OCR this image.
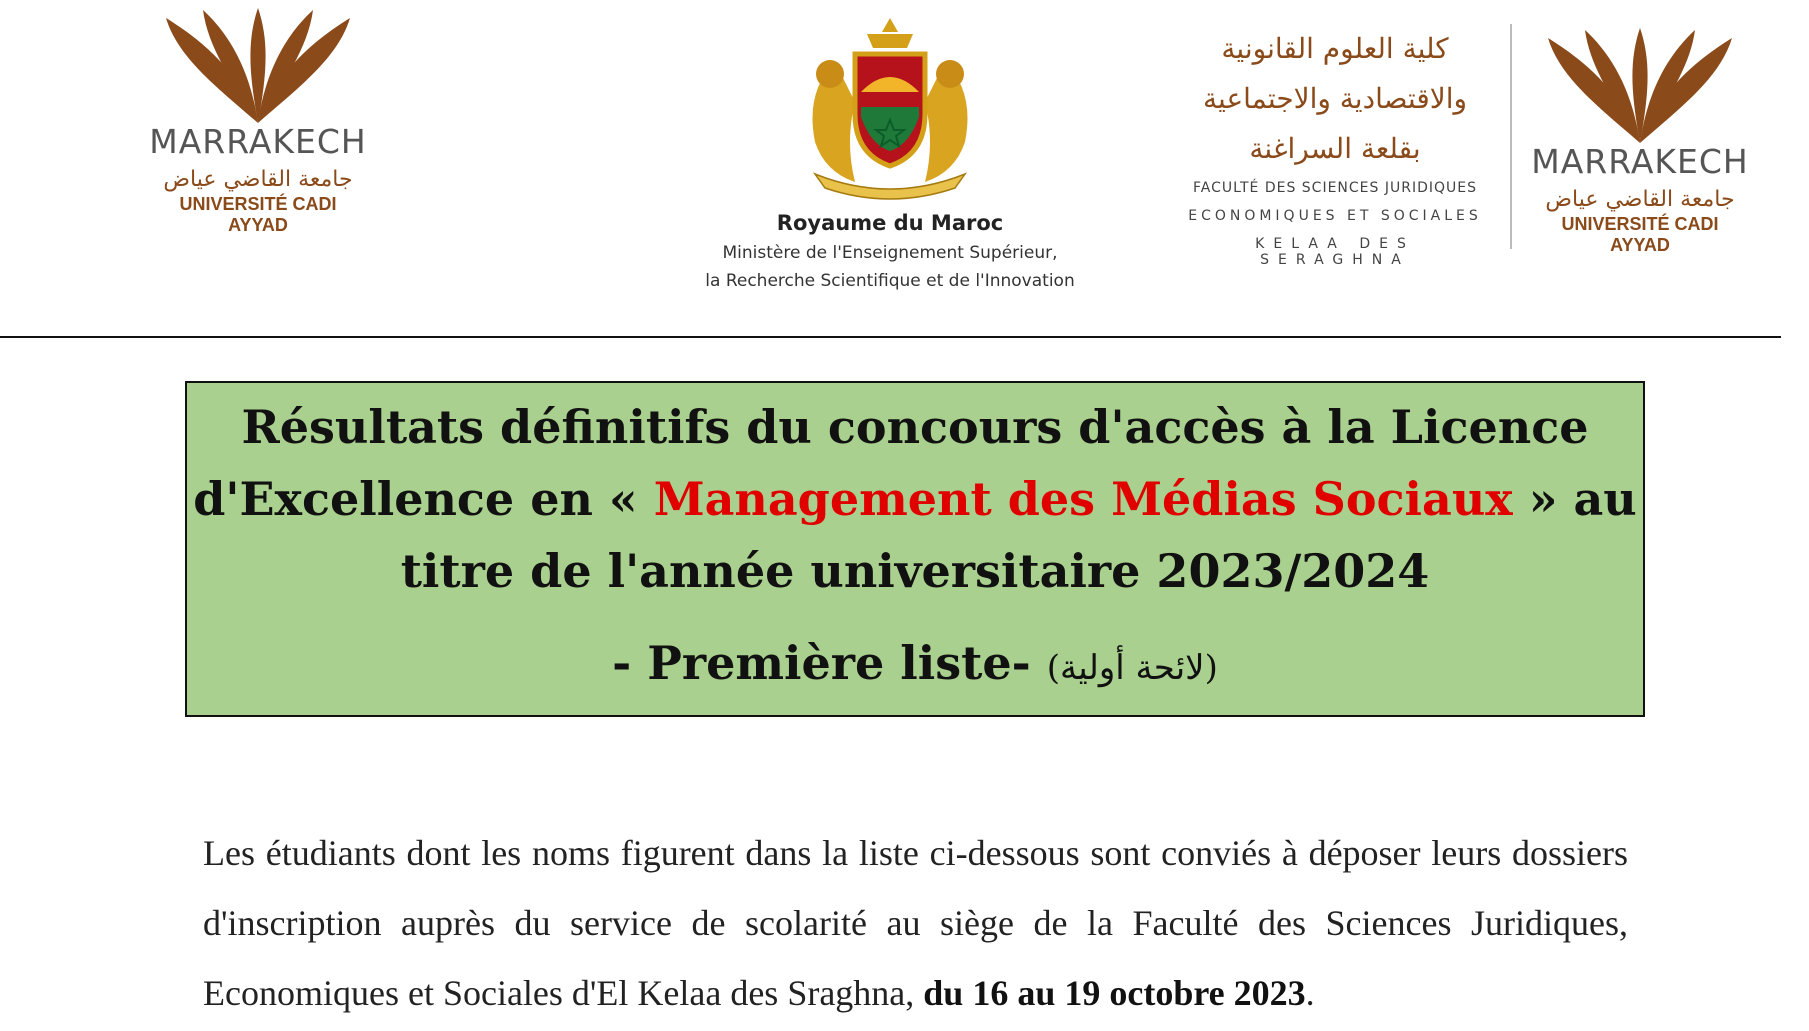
MARRAKECH
جامعة القاضي عياض
UNIVERSITÉ CADI AYYAD	Royaume du Maroc
Ministère de l'Enseignement Supérieur,
la Recherche Scientifique et de l'Innovation
كلية العلوم القانونية
والاقتصادية والاجتماعية
بقلعة السراغنة
FACULTÉ DES SCIENCES JURIDIQUES
ECONOMIQUES ET SOCIALES
KELAA DES SERAGHNA
MARRAKECH
جامعة القاضي عياض
UNIVERSITÉ CADI AYYAD
Résultats définitifs du concours d'accès à la Licence
d'Excellence en « Management des Médias Sociaux » au
titre de l'année universitaire 2023/2024
- Première liste- (لائحة أولية)
Les étudiants dont les noms figurent dans la liste ci-dessous sont conviés à déposer leurs dossiers d'inscription auprès du service de scolarité au siège de la Faculté des Sciences Juridiques, Economiques et Sociales d'El Kelaa des Sraghna, du 16 au 19 octobre 2023.
